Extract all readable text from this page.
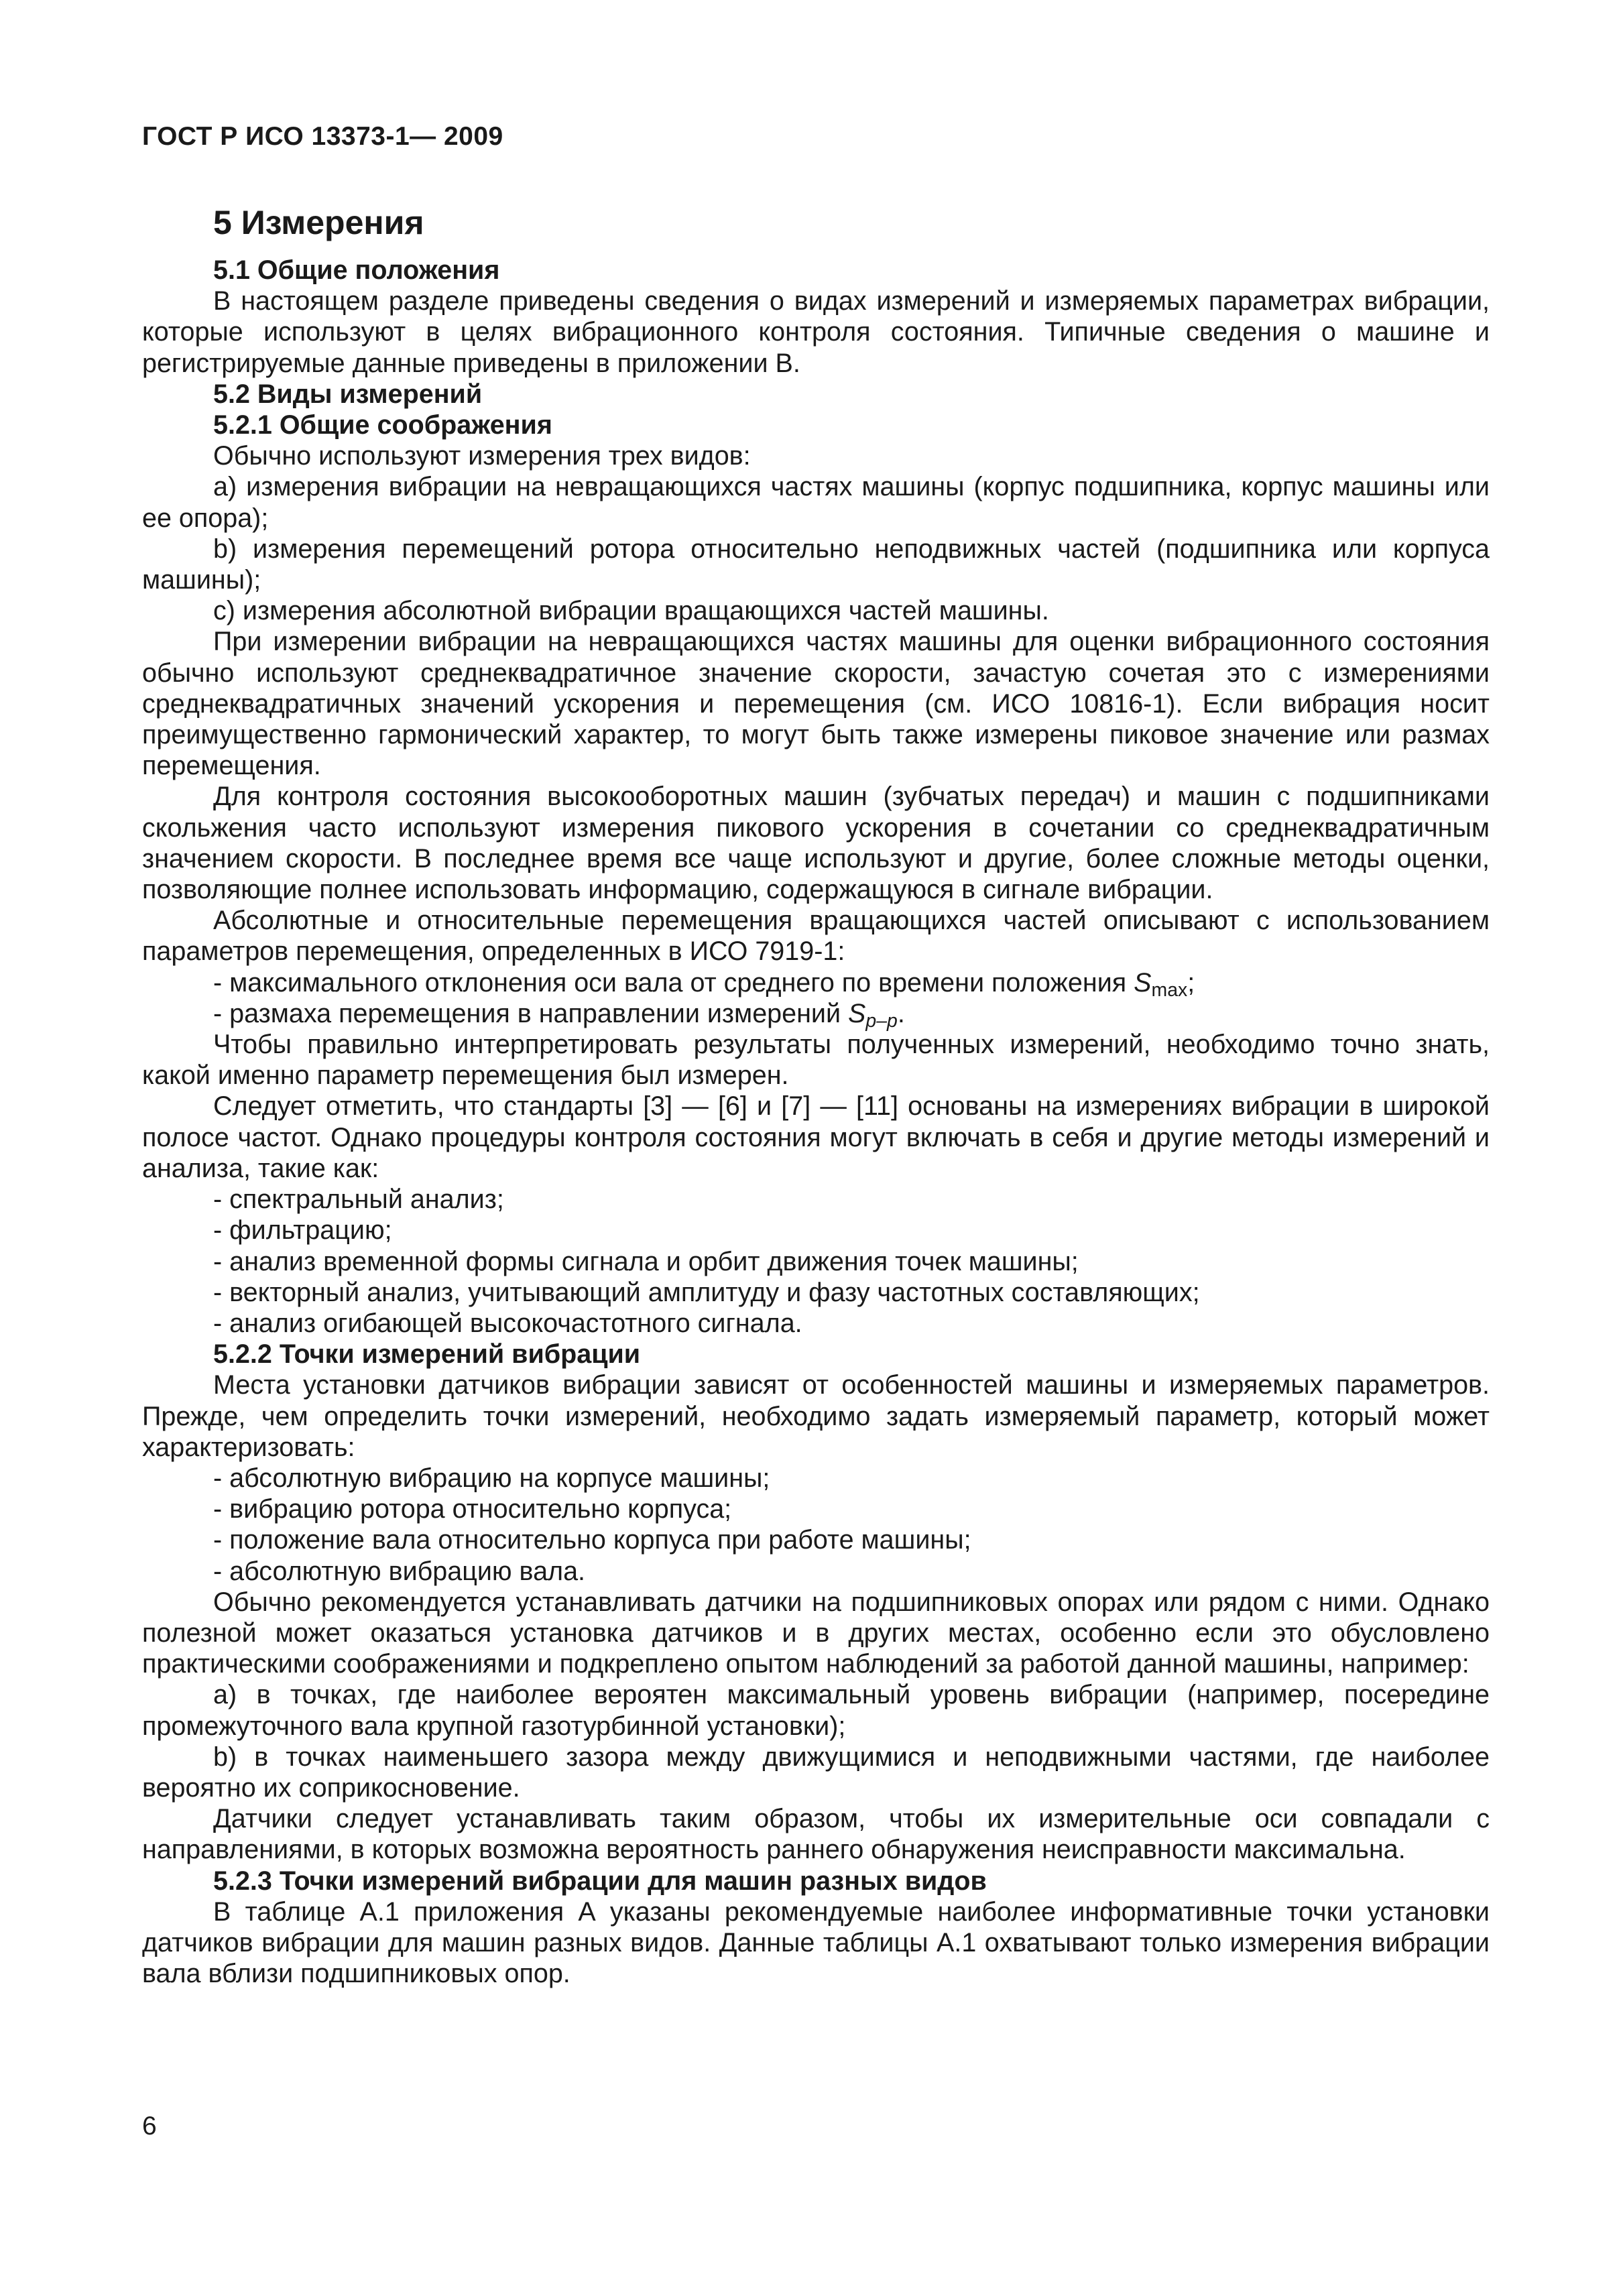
ГОСТ Р ИСО 13373-1— 2009
5 Измерения
5.1 Общие положения

В настоящем разделе приведены сведения о видах измерений и измеряемых параметрах вибрации, которые используют в целях вибрационного контроля состояния. Типичные сведения о машине и регистрируемые данные приведены в приложении В.

5.2 Виды измерений
5.2.1 Общие соображения

Обычно используют измерения трех видов:

а) измерения вибрации на невращающихся частях машины (корпус подшипника, корпус машины или ее опора);

b) измерения перемещений ротора относительно неподвижных частей (подшипника или корпуса машины);

c) измерения абсолютной вибрации вращающихся частей машины.

При измерении вибрации на невращающихся частях машины для оценки вибрационного состояния обычно используют среднеквадратичное значение скорости, зачастую сочетая это с измерениями среднеквадратичных значений ускорения и перемещения (см. ИСО 10816-1). Если вибрация носит преимущественно гармонический характер, то могут быть также измерены пиковое значение или размах перемещения.

Для контроля состояния высокооборотных машин (зубчатых передач) и машин с подшипниками скольжения часто используют измерения пикового ускорения в сочетании со среднеквадратичным значением скорости. В последнее время все чаще используют и другие, более сложные методы оценки, позволяющие полнее использовать информацию, содержащуюся в сигнале вибрации.

Абсолютные и относительные перемещения вращающихся частей описывают с использованием параметров перемещения, определенных в ИСО 7919-1:

- максимального отклонения оси вала от среднего по времени положения $S_{max}$;

- размаха перемещения в направлении измерений $S_{p-p}$.

Чтобы правильно интерпретировать результаты полученных измерений, необходимо точно знать, какой именно параметр перемещения был измерен.

Следует отметить, что стандарты [3] — [6] и [7] — [11] основаны на измерениях вибрации в широкой полосе частот. Однако процедуры контроля состояния могут включать в себя и другие методы измерений и анализа, такие как:

- спектральный анализ;
- фильтрацию;
- анализ временной формы сигнала и орбит движения точек машины;
- векторный анализ, учитывающий амплитуду и фазу частотных составляющих;
- анализ огибающей высокочастотного сигнала.
5.2.2 Точки измерений вибрации

Места установки датчиков вибрации зависят от особенностей машины и измеряемых параметров. Прежде, чем определить точки измерений, необходимо задать измеряемый параметр, который может характеризовать:

- абсолютную вибрацию на корпусе машины;
- вибрацию ротора относительно корпуса;
- положение вала относительно корпуса при работе машины;
- абсолютную вибрацию вала.

Обычно рекомендуется устанавливать датчики на подшипниковых опорах или рядом с ними. Однако полезной может оказаться установка датчиков и в других местах, особенно если это обусловлено практическими соображениями и подкреплено опытом наблюдений за работой данной машины, например:

а) в точках, где наиболее вероятен максимальный уровень вибрации (например, посередине промежуточного вала крупной газотурбинной установки);

b) в точках наименьшего зазора между движущимися и неподвижными частями, где наиболее вероятно их соприкосновение.

Датчики следует устанавливать таким образом, чтобы их измерительные оси совпадали с направлениями, в которых возможна вероятность раннего обнаружения неисправности максимальна.

5.2.3 Точки измерений вибрации для машин разных видов

В таблице А.1 приложения А указаны рекомендуемые наиболее информативные точки установки датчиков вибрации для машин разных видов. Данные таблицы А.1 охватывают только измерения вибрации вала вблизи подшипниковых опор.

6
